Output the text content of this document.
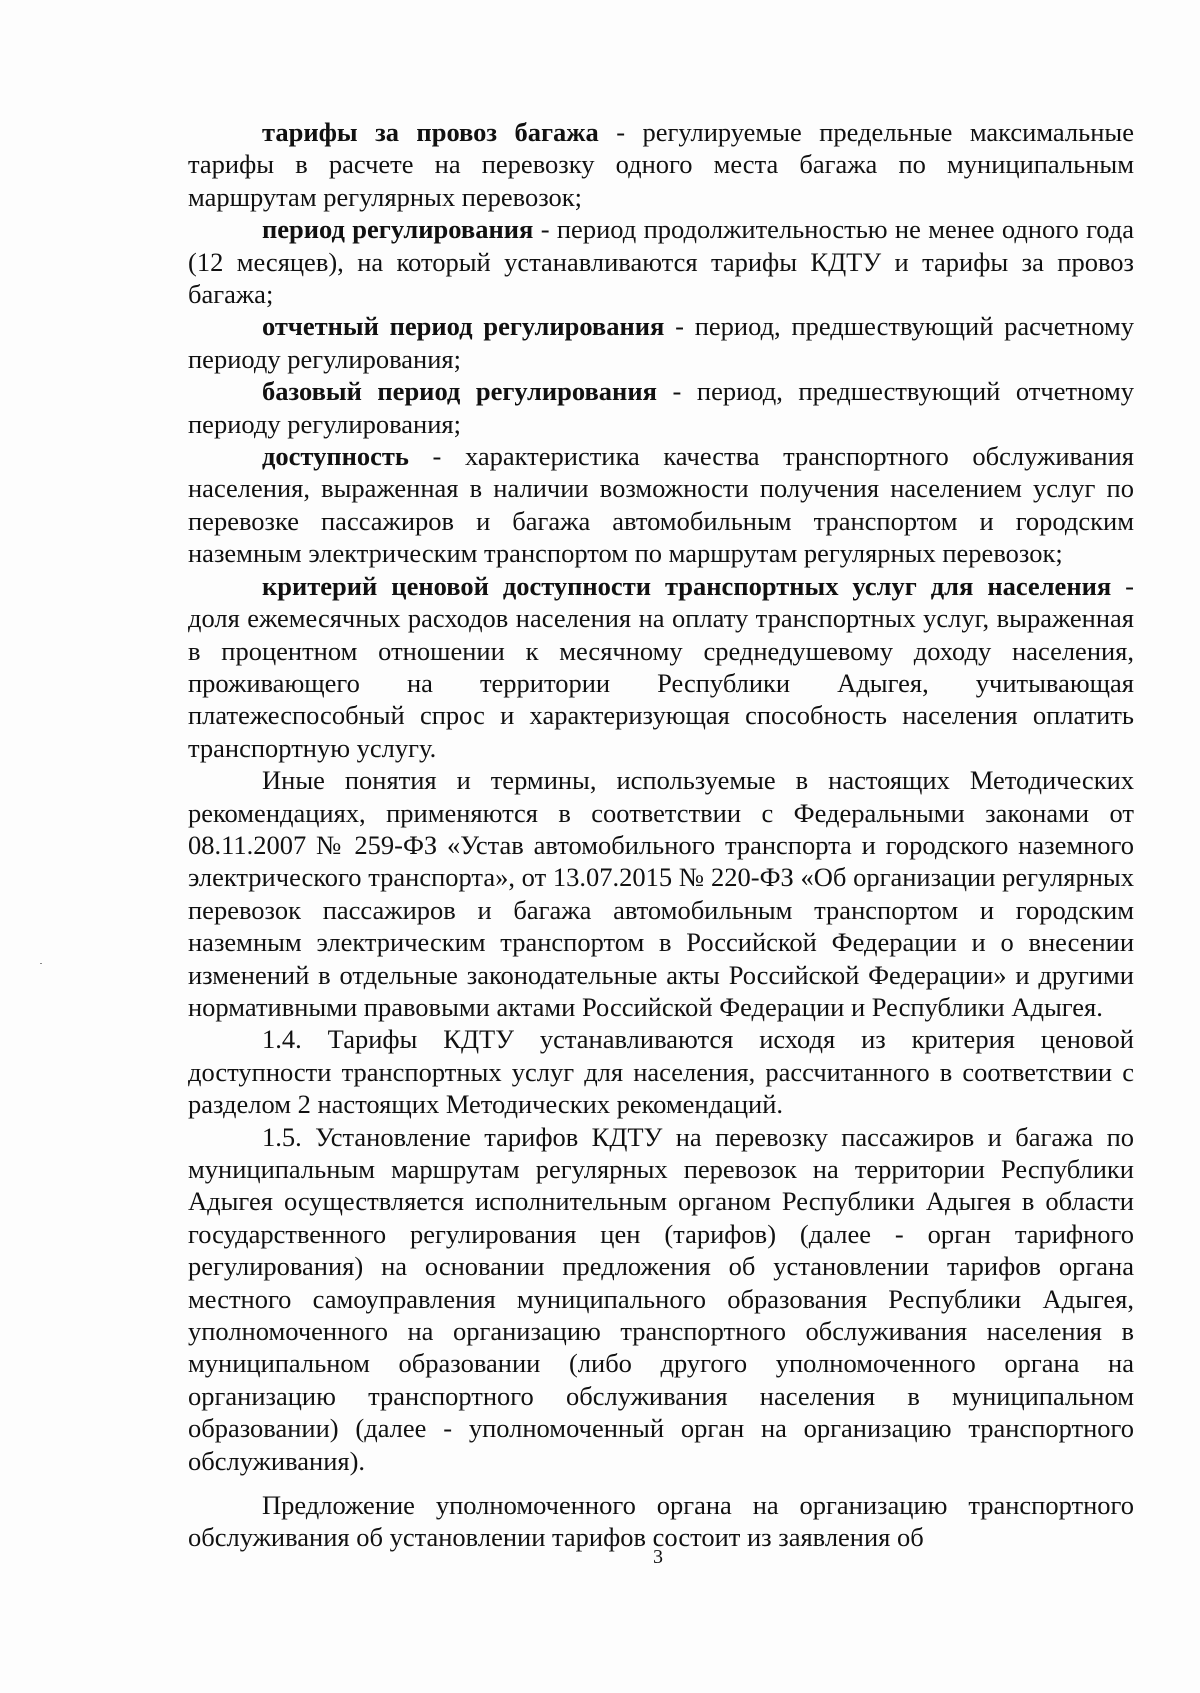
тарифы за провоз багажа - регулируемые предельные максимальные тарифы в расчете на перевозку одного места багажа по муниципальным маршрутам регулярных перевозок;

период регулирования - период продолжительностью не менее одного года (12 месяцев), на который устанавливаются тарифы КДТУ и тарифы за провоз багажа;

отчетный период регулирования - период, предшествующий расчетному периоду регулирования;

базовый период регулирования - период, предшествующий отчетному периоду регулирования;

доступность - характеристика качества транспортного обслуживания населения, выраженная в наличии возможности получения населением услуг по перевозке пассажиров и багажа автомобильным транспортом и городским наземным электрическим транспортом по маршрутам регулярных перевозок;

критерий ценовой доступности транспортных услуг для населения - доля ежемесячных расходов населения на оплату транспортных услуг, выраженная в процентном отношении к месячному среднедушевому доходу населения, проживающего на территории Республики Адыгея, учитывающая платежеспособный спрос и характеризующая способность населения оплатить транспортную услугу.

Иные понятия и термины, используемые в настоящих Методических рекомендациях, применяются в соответствии с Федеральными законами от 08.11.2007 № 259-ФЗ «Устав автомобильного транспорта и городского наземного электрического транспорта», от 13.07.2015 № 220-ФЗ «Об организации регулярных перевозок пассажиров и багажа автомобильным транспортом и городским наземным электрическим транспортом в Российской Федерации и о внесении изменений в отдельные законодательные акты Российской Федерации» и другими нормативными правовыми актами Российской Федерации и Республики Адыгея.

1.4. Тарифы КДТУ устанавливаются исходя из критерия ценовой доступности транспортных услуг для населения, рассчитанного в соответствии с разделом 2 настоящих Методических рекомендаций.

1.5. Установление тарифов КДТУ на перевозку пассажиров и багажа по муниципальным маршрутам регулярных перевозок на территории Республики Адыгея осуществляется исполнительным органом Республики Адыгея в области государственного регулирования цен (тарифов) (далее - орган тарифного регулирования) на основании предложения об установлении тарифов органа местного самоуправления муниципального образования Республики Адыгея, уполномоченного на организацию транспортного обслуживания населения в муниципальном образовании (либо другого уполномоченного органа на организацию транспортного обслуживания населения в муниципальном образовании) (далее - уполномоченный орган на организацию транспортного обслуживания).

Предложение уполномоченного органа на организацию транспортного обслуживания об установлении тарифов состоит из заявления об

3
